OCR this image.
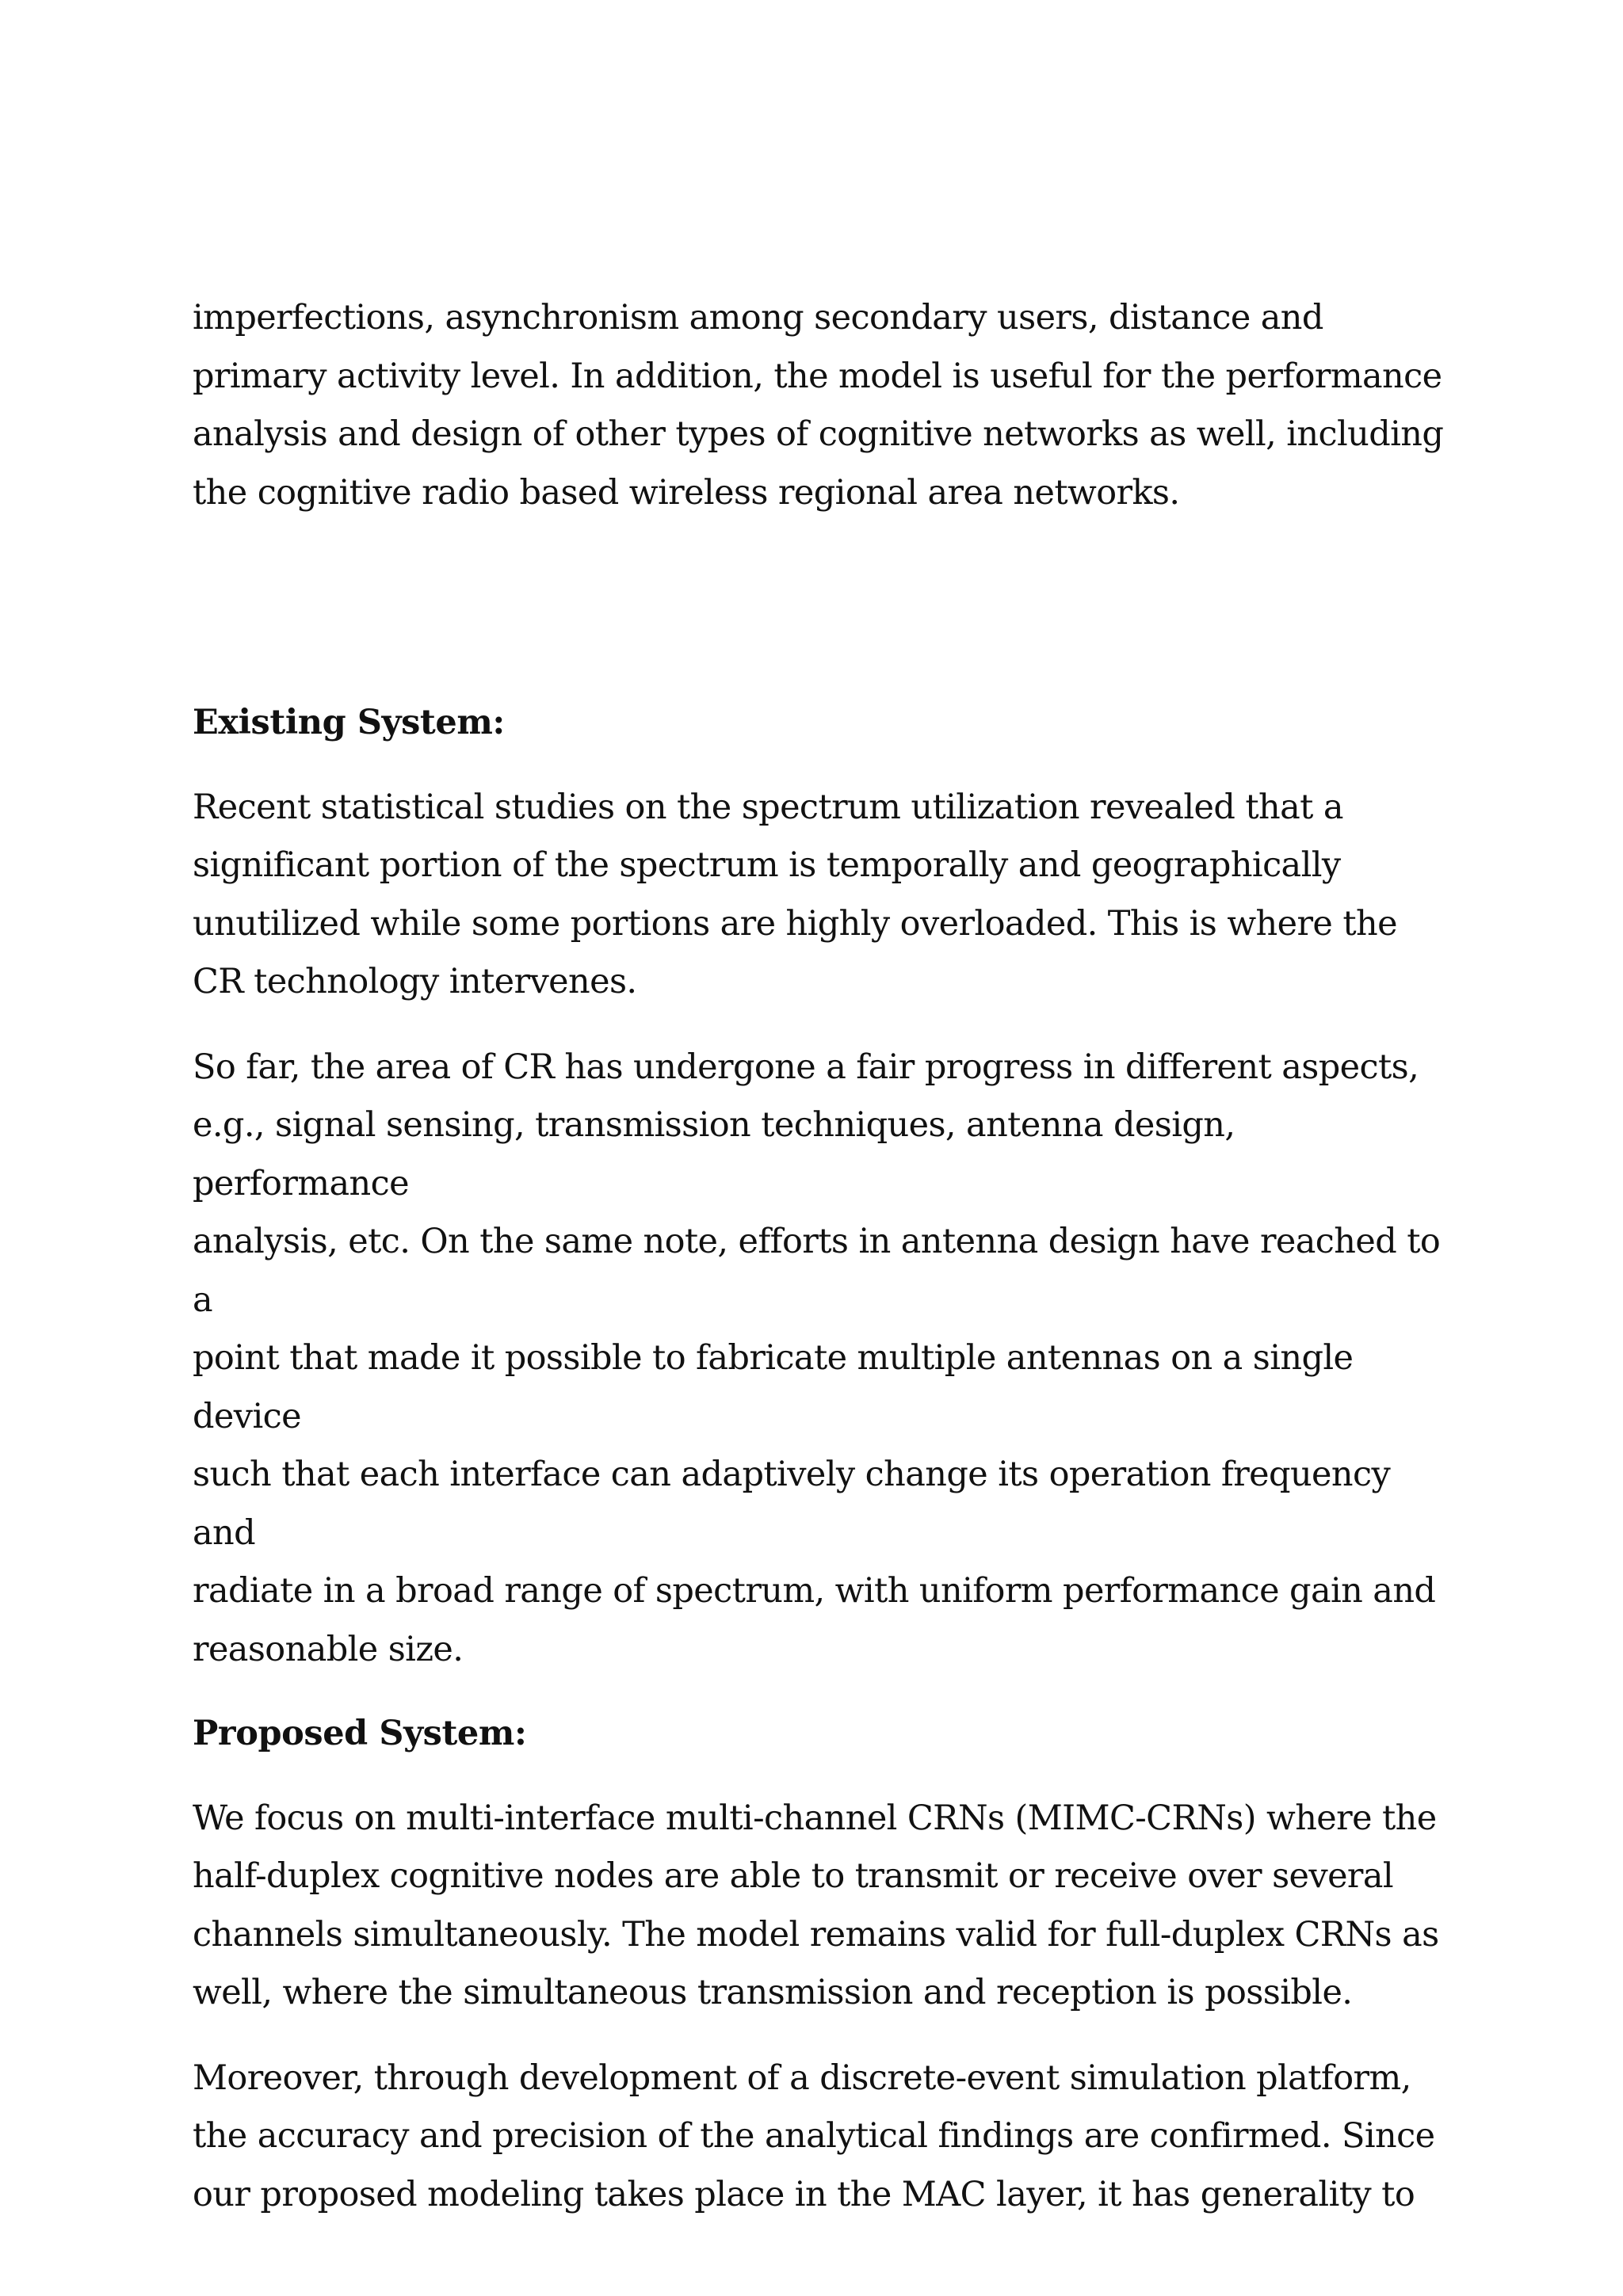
imperfections, asynchronism among secondary users, distance and
primary activity level. In addition, the model is useful for the performance
analysis and design of other types of cognitive networks as well, including
the cognitive radio based wireless regional area networks.
Existing System:
Recent statistical studies on the spectrum utilization revealed that a
significant portion of the spectrum is temporally and geographically
unutilized while some portions are highly overloaded. This is where the
CR technology intervenes.
So far, the area of CR has undergone a fair progress in different aspects,
e.g., signal sensing, transmission techniques, antenna design, performance
analysis, etc. On the same note, efforts in antenna design have reached to a
point that made it possible to fabricate multiple antennas on a single device
such that each interface can adaptively change its operation frequency and
radiate in a broad range of spectrum, with uniform performance gain and
reasonable size.
Proposed System:
We focus on multi-interface multi-channel CRNs (MIMC-CRNs) where the
half-duplex cognitive nodes are able to transmit or receive over several
channels simultaneously. The model remains valid for full-duplex CRNs as
well, where the simultaneous transmission and reception is possible.
Moreover, through development of a discrete-event simulation platform,
the accuracy and precision of the analytical findings are confirmed. Since
our proposed modeling takes place in the MAC layer, it has generality to
